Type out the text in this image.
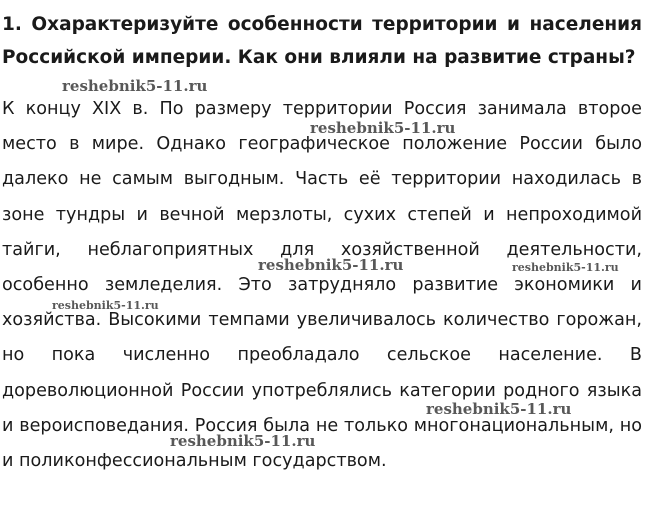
1. Охарактеризуйте особенности территории и населения Российской империи. Как они влияли на развитие страны?
К концу XIX в. По размеру территории Россия занимала второе место в мире. Однако географическое положение России было далеко не самым выгодным. Часть её территории находилась в зоне тундры и вечной мерзлоты, сухих степей и непроходимой тайги, неблагоприятных для хозяйственной деятельности, особенно земледелия. Это затрудняло развитие экономики и хозяйства. Высокими темпами увеличивалось количество горожан, но пока численно преобладало сельское население. В дореволюционной России употреблялись категории родного языка и вероисповедания. Россия была не только многонациональным, но и поликонфессиональным государством.
reshebnik5-11.ru
reshebnik5-11.ru
reshebnik5-11.ru	reshebnik5-11.ru
reshebnik5-11.ru
reshebnik5-11.ru
reshebnik5-11.ru
